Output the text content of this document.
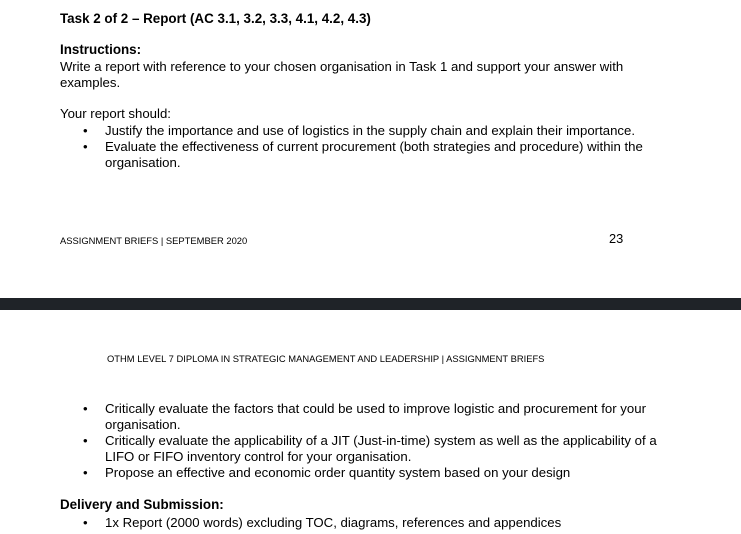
Task 2 of 2 – Report (AC 3.1, 3.2, 3.3, 4.1, 4.2, 4.3)
Instructions:
Write a report with reference to your chosen organisation in Task 1 and support your answer with examples.
Your report should:
• Justify the importance and use of logistics in the supply chain and explain their importance.
• Evaluate the effectiveness of current procurement (both strategies and procedure) within the organisation.
ASSIGNMENT BRIEFS | SEPTEMBER 2020	23
OTHM LEVEL 7 DIPLOMA IN STRATEGIC MANAGEMENT AND LEADERSHIP | ASSIGNMENT BRIEFS
• Critically evaluate the factors that could be used to improve logistic and procurement for your organisation.
• Critically evaluate the applicability of a JIT (Just-in-time) system as well as the applicability of a LIFO or FIFO inventory control for your organisation.
• Propose an effective and economic order quantity system based on your design
Delivery and Submission:
• 1x Report (2000 words) excluding TOC, diagrams, references and appendices
